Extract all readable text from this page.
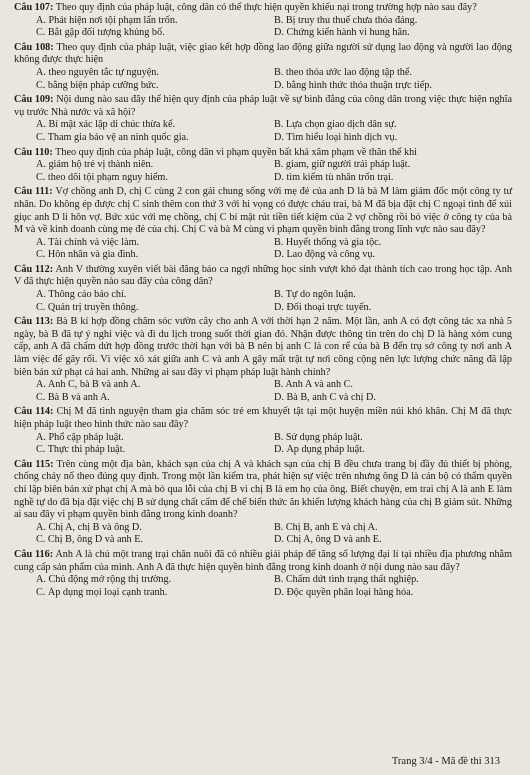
Câu 107: Theo quy định của pháp luật, công dân có thể thực hiện quyền khiếu nại trong trường hợp nào sau đây?

A. Phát hiện nơi tội phạm lẩn trốn.	B. Bị truy thu thuế chưa thỏa đáng.
C. Bắt gặp đối tượng khủng bố.	D. Chứng kiến hành vi hung hãn.

Câu 108: Theo quy định của pháp luật, việc giao kết hợp đồng lao động giữa người sử dụng lao động và người lao động không được thực hiện

A. theo nguyên tắc tự nguyện.	B. theo thỏa ước lao động tập thể.
C. bằng biện pháp cưỡng bức.	D. bằng hình thức thỏa thuận trực tiếp.

Câu 109: Nội dung nào sau đây thể hiện quy định của pháp luật về sự bình đẳng của công dân trong việc thực hiện nghĩa vụ trước Nhà nước và xã hội?

A. Bí mật xác lập di chúc thừa kế.	B. Lựa chọn giao dịch dân sự.
C. Tham gia bảo vệ an ninh quốc gia.	D. Tìm hiểu loại hình dịch vụ.

Câu 110: Theo quy định của pháp luật, công dân vi phạm quyền bất khả xâm phạm về thân thể khi

A. giám hộ trẻ vị thành niên.	B. giam, giữ người trái pháp luật.
C. theo dõi tội phạm nguy hiểm.	D. tìm kiếm tù nhân trốn trại.

Câu 111: Vợ chồng anh D, chị C cùng 2 con gái chung sống với mẹ đẻ của anh D là bà M làm giám đốc một công ty tư nhân. Do không ép được chị C sinh thêm con thứ 3 với hi vọng có được cháu trai, bà M đã bịa đặt chị C ngoại tình để xúi giục anh D li hôn vợ. Bức xúc với mẹ chồng, chị C bí mật rút tiền tiết kiệm của 2 vợ chồng rồi bỏ việc ở công ty của bà M và về kinh doanh cùng mẹ đẻ của chị. Chị C và bà M cùng vi phạm quyền bình đẳng trong lĩnh vực nào sau đây?

A. Tài chính và việc làm.	B. Huyết thống và gia tộc.
C. Hôn nhân và gia đình.	D. Lao động và công vụ.

Câu 112: Anh V thường xuyên viết bài đăng báo ca ngợi những học sinh vượt khó đạt thành tích cao trong học tập. Anh V đã thực hiện quyền nào sau đây của công dân?

A. Thông cáo báo chí.	B. Tự do ngôn luận.
C. Quản trị truyền thông.	D. Đối thoại trực tuyến.

Câu 113: Bà B kí hợp đồng chăm sóc vườn cây cho anh A với thời hạn 2 năm. Một lần, anh A có đợt công tác xa nhà 5 ngày, bà B đã tự ý nghỉ việc và đi du lịch trong suốt thời gian đó. Nhận được thông tin trên do chị D là hàng xóm cung cấp, anh A đã chấm dứt hợp đồng trước thời hạn với bà B nên bị anh C là con rể của bà B đến trụ sở công ty nơi anh A làm việc để gây rối. Vì việc xô xát giữa anh C và anh A gây mất trật tự nơi công cộng nên lực lượng chức năng đã lập biên bản xử phạt cả hai anh. Những ai sau đây vi phạm pháp luật hành chính?

A. Anh C, bà B và anh A.	B. Anh A và anh C.
C. Bà B và anh A.	D. Bà B, anh C và chị D.

Câu 114: Chị M đã tình nguyện tham gia chăm sóc trẻ em khuyết tật tại một huyện miền núi khó khăn. Chị M đã thực hiện pháp luật theo hình thức nào sau đây?

A. Phổ cập pháp luật.	B. Sử dụng pháp luật.
C. Thực thi pháp luật.	D. Áp dụng pháp luật.

Câu 115: Trên cùng một địa bàn, khách sạn của chị A và khách sạn của chị B đều chưa trang bị đầy đủ thiết bị phòng, chống cháy nổ theo đúng quy định. Trong một lần kiểm tra, phát hiện sự việc trên nhưng ông D là cán bộ có thẩm quyền chỉ lập biên bản xử phạt chị A mà bỏ qua lỗi của chị B vì chị B là em họ của ông. Biết chuyện, em trai chị A là anh E làm nghề tự do đã bịa đặt việc chị B sử dụng chất cấm để chế biến thức ăn khiến lượng khách hàng của chị B giảm sút. Những ai sau đây vi phạm quyền bình đẳng trong kinh doanh?

A. Chị A, chị B và ông D.	B. Chị B, anh E và chị A.
C. Chị B, ông D và anh E.	D. Chị A, ông D và anh E.

Câu 116: Anh A là chủ một trang trại chăn nuôi đã có nhiều giải pháp để tăng số lượng đại lí tại nhiều địa phương nhằm cung cấp sản phẩm của mình. Anh A đã thực hiện quyền bình đẳng trong kinh doanh ở nội dung nào sau đây?

A. Chủ động mở rộng thị trường.	B. Chấm dứt tình trạng thất nghiệp.
C. Áp dụng mọi loại cạnh tranh.	D. Độc quyền phân loại hàng hóa.
Trang 3/4 - Mã đề thi 313
